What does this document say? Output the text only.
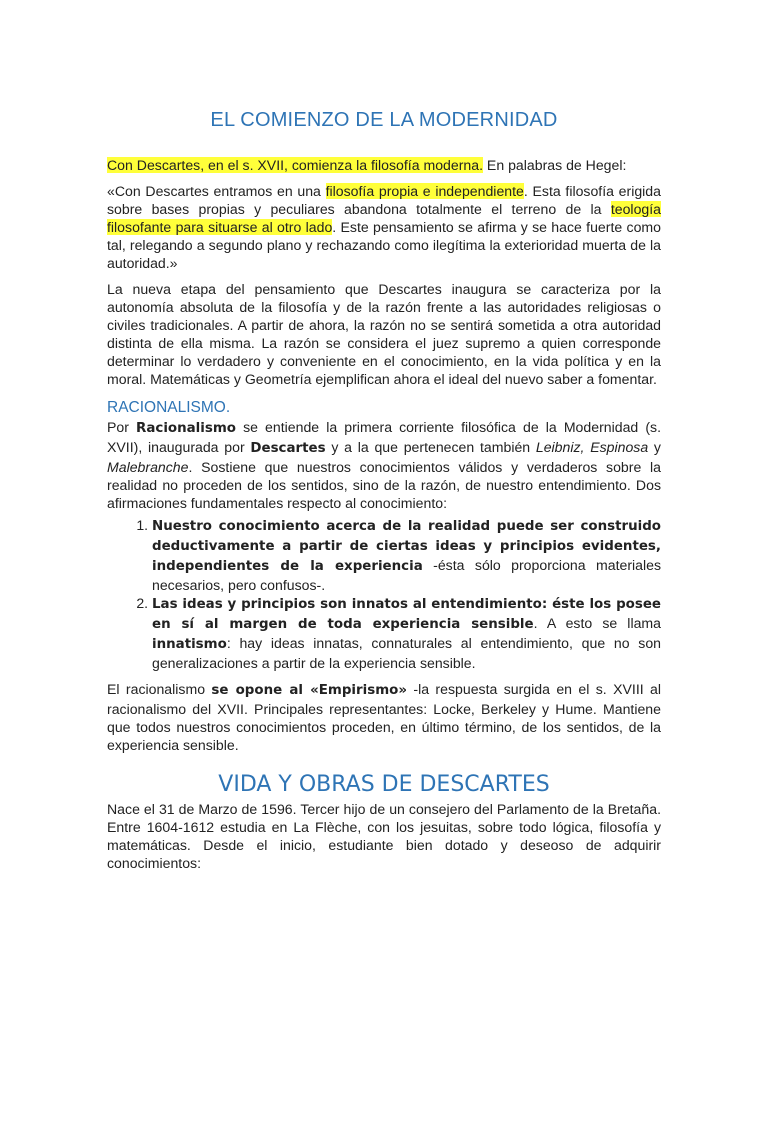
EL COMIENZO DE LA MODERNIDAD

Con Descartes, en el s. XVII, comienza la filosofía moderna. En palabras de Hegel:

«Con Descartes entramos en una filosofía propia e independiente. Esta filosofía erigida sobre bases propias y peculiares abandona totalmente el terreno de la teología filosofante para situarse al otro lado. Este pensamiento se afirma y se hace fuerte como tal, relegando a segundo plano y rechazando como ilegítima la exterioridad muerta de la autoridad.»

La nueva etapa del pensamiento que Descartes inaugura se caracteriza por la autonomía absoluta de la filosofía y de la razón frente a las autoridades religiosas o civiles tradicionales. A partir de ahora, la razón no se sentirá sometida a otra autoridad distinta de ella misma. La razón se considera el juez supremo a quien corresponde determinar lo verdadero y conveniente en el conocimiento, en la vida política y en la moral. Matemáticas y Geometría ejemplifican ahora el ideal del nuevo saber a fomentar.

RACIONALISMO.

Por Racionalismo se entiende la primera corriente filosófica de la Modernidad (s. XVII), inaugurada por Descartes y a la que pertenecen también Leibniz, Espinosa y Malebranche. Sostiene que nuestros conocimientos válidos y verdaderos sobre la realidad no proceden de los sentidos, sino de la razón, de nuestro entendimiento. Dos afirmaciones fundamentales respecto al conocimiento:

1. Nuestro conocimiento acerca de la realidad puede ser construido deductivamente a partir de ciertas ideas y principios evidentes, independientes de la experiencia -ésta sólo proporciona materiales necesarios, pero confusos-.
2. Las ideas y principios son innatos al entendimiento: éste los posee en sí al margen de toda experiencia sensible. A esto se llama innatismo: hay ideas innatas, connaturales al entendimiento, que no son generalizaciones a partir de la experiencia sensible.

El racionalismo se opone al «Empirismo» -la respuesta surgida en el s. XVIII al racionalismo del XVII. Principales representantes: Locke, Berkeley y Hume. Mantiene que todos nuestros conocimientos proceden, en último término, de los sentidos, de la experiencia sensible.

VIDA Y OBRAS DE DESCARTES

Nace el 31 de Marzo de 1596. Tercer hijo de un consejero del Parlamento de la Bretaña. Entre 1604-1612 estudia en La Flèche, con los jesuitas, sobre todo lógica, filosofía y matemáticas. Desde el inicio, estudiante bien dotado y deseoso de adquirir conocimientos:
